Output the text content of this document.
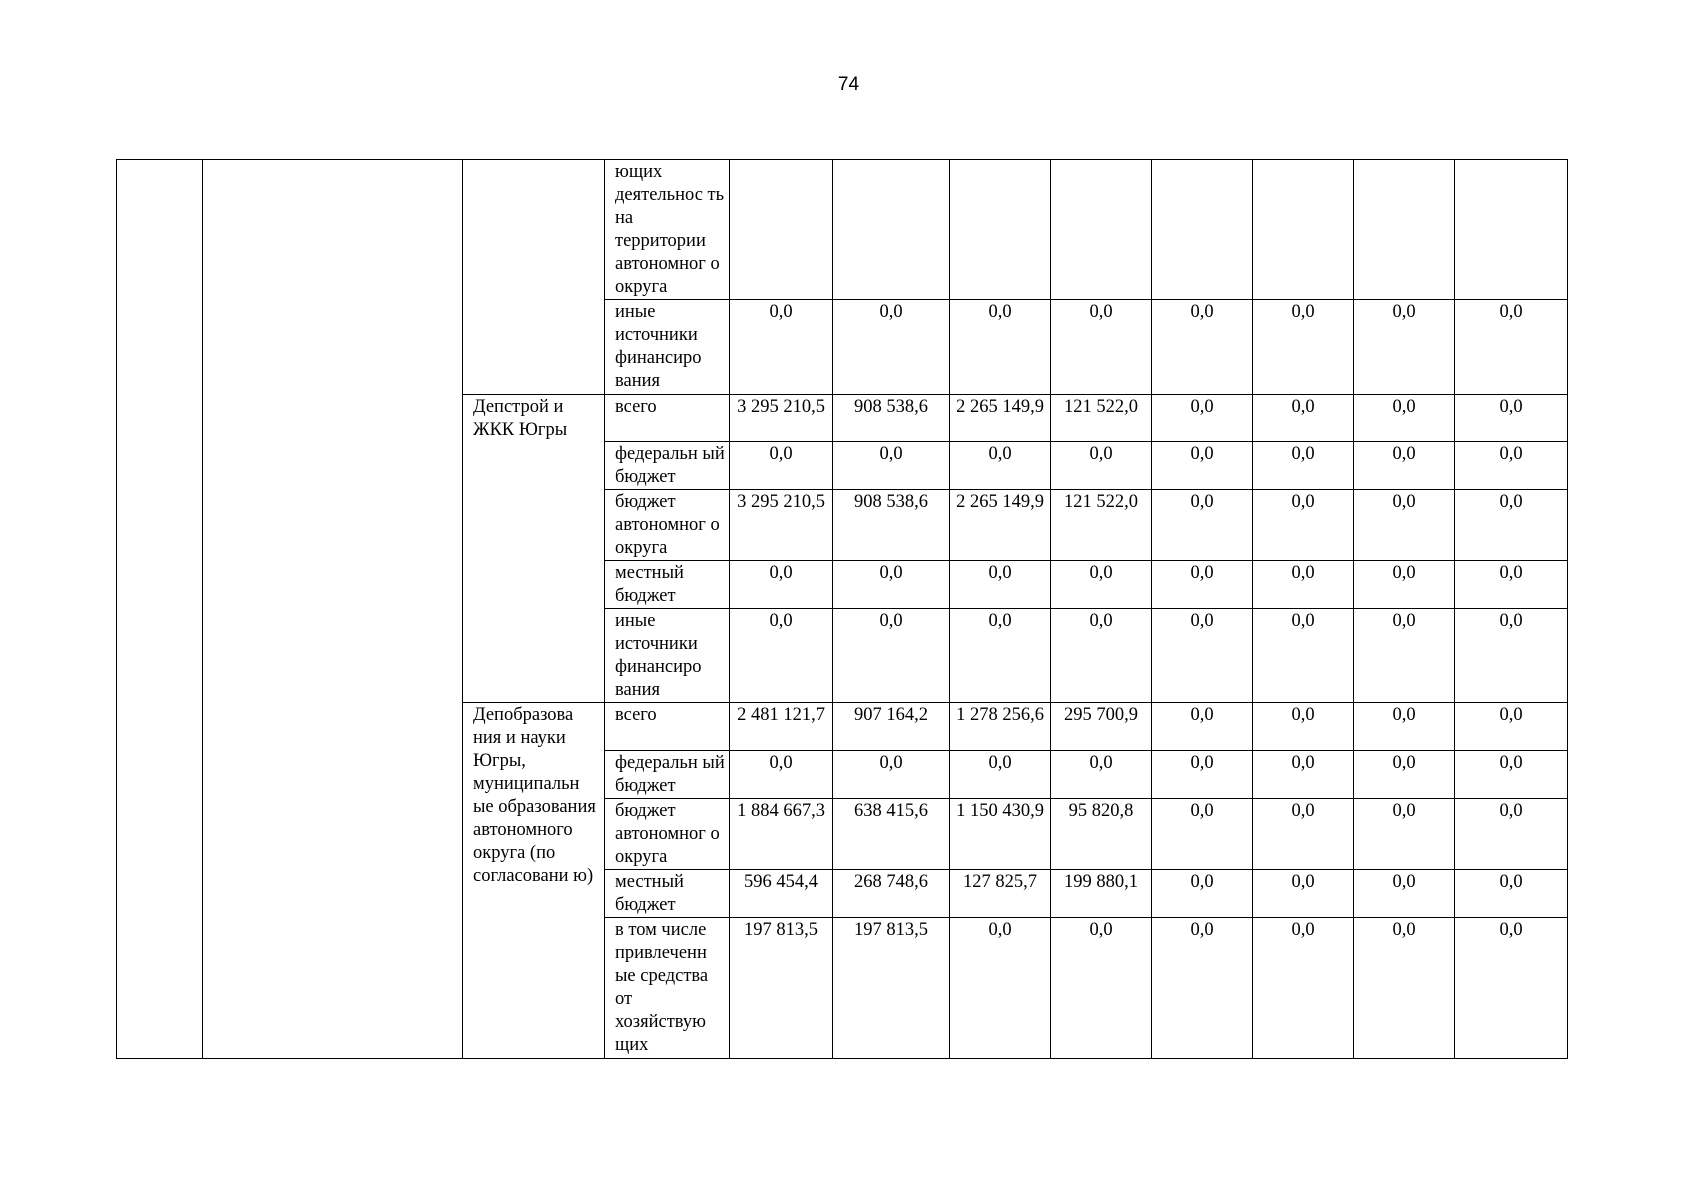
74
			ющих деятельнос ть на территории автономног о округа								
			иные источники финансиро вания	0,0	0,0	0,0	0,0	0,0	0,0	0,0	0,0
		Депстрой и ЖКК Югры	всего	3 295 210,5	908 538,6	2 265 149,9	121 522,0	0,0	0,0	0,0	0,0
			федеральн ый бюджет	0,0	0,0	0,0	0,0	0,0	0,0	0,0	0,0
			бюджет автономног о округа	3 295 210,5	908 538,6	2 265 149,9	121 522,0	0,0	0,0	0,0	0,0
			местный бюджет	0,0	0,0	0,0	0,0	0,0	0,0	0,0	0,0
			иные источники финансиро вания	0,0	0,0	0,0	0,0	0,0	0,0	0,0	0,0
		Депобразова ния и науки Югры, муниципальн ые образования автономного округа (по согласовани ю)	всего	2 481 121,7	907 164,2	1 278 256,6	295 700,9	0,0	0,0	0,0	0,0
			федеральн ый бюджет	0,0	0,0	0,0	0,0	0,0	0,0	0,0	0,0
			бюджет автономног о округа	1 884 667,3	638 415,6	1 150 430,9	95 820,8	0,0	0,0	0,0	0,0
			местный бюджет	596 454,4	268 748,6	127 825,7	199 880,1	0,0	0,0	0,0	0,0
			в том числе привлеченн ые средства от хозяйствую щих	197 813,5	197 813,5	0,0	0,0	0,0	0,0	0,0	0,0
